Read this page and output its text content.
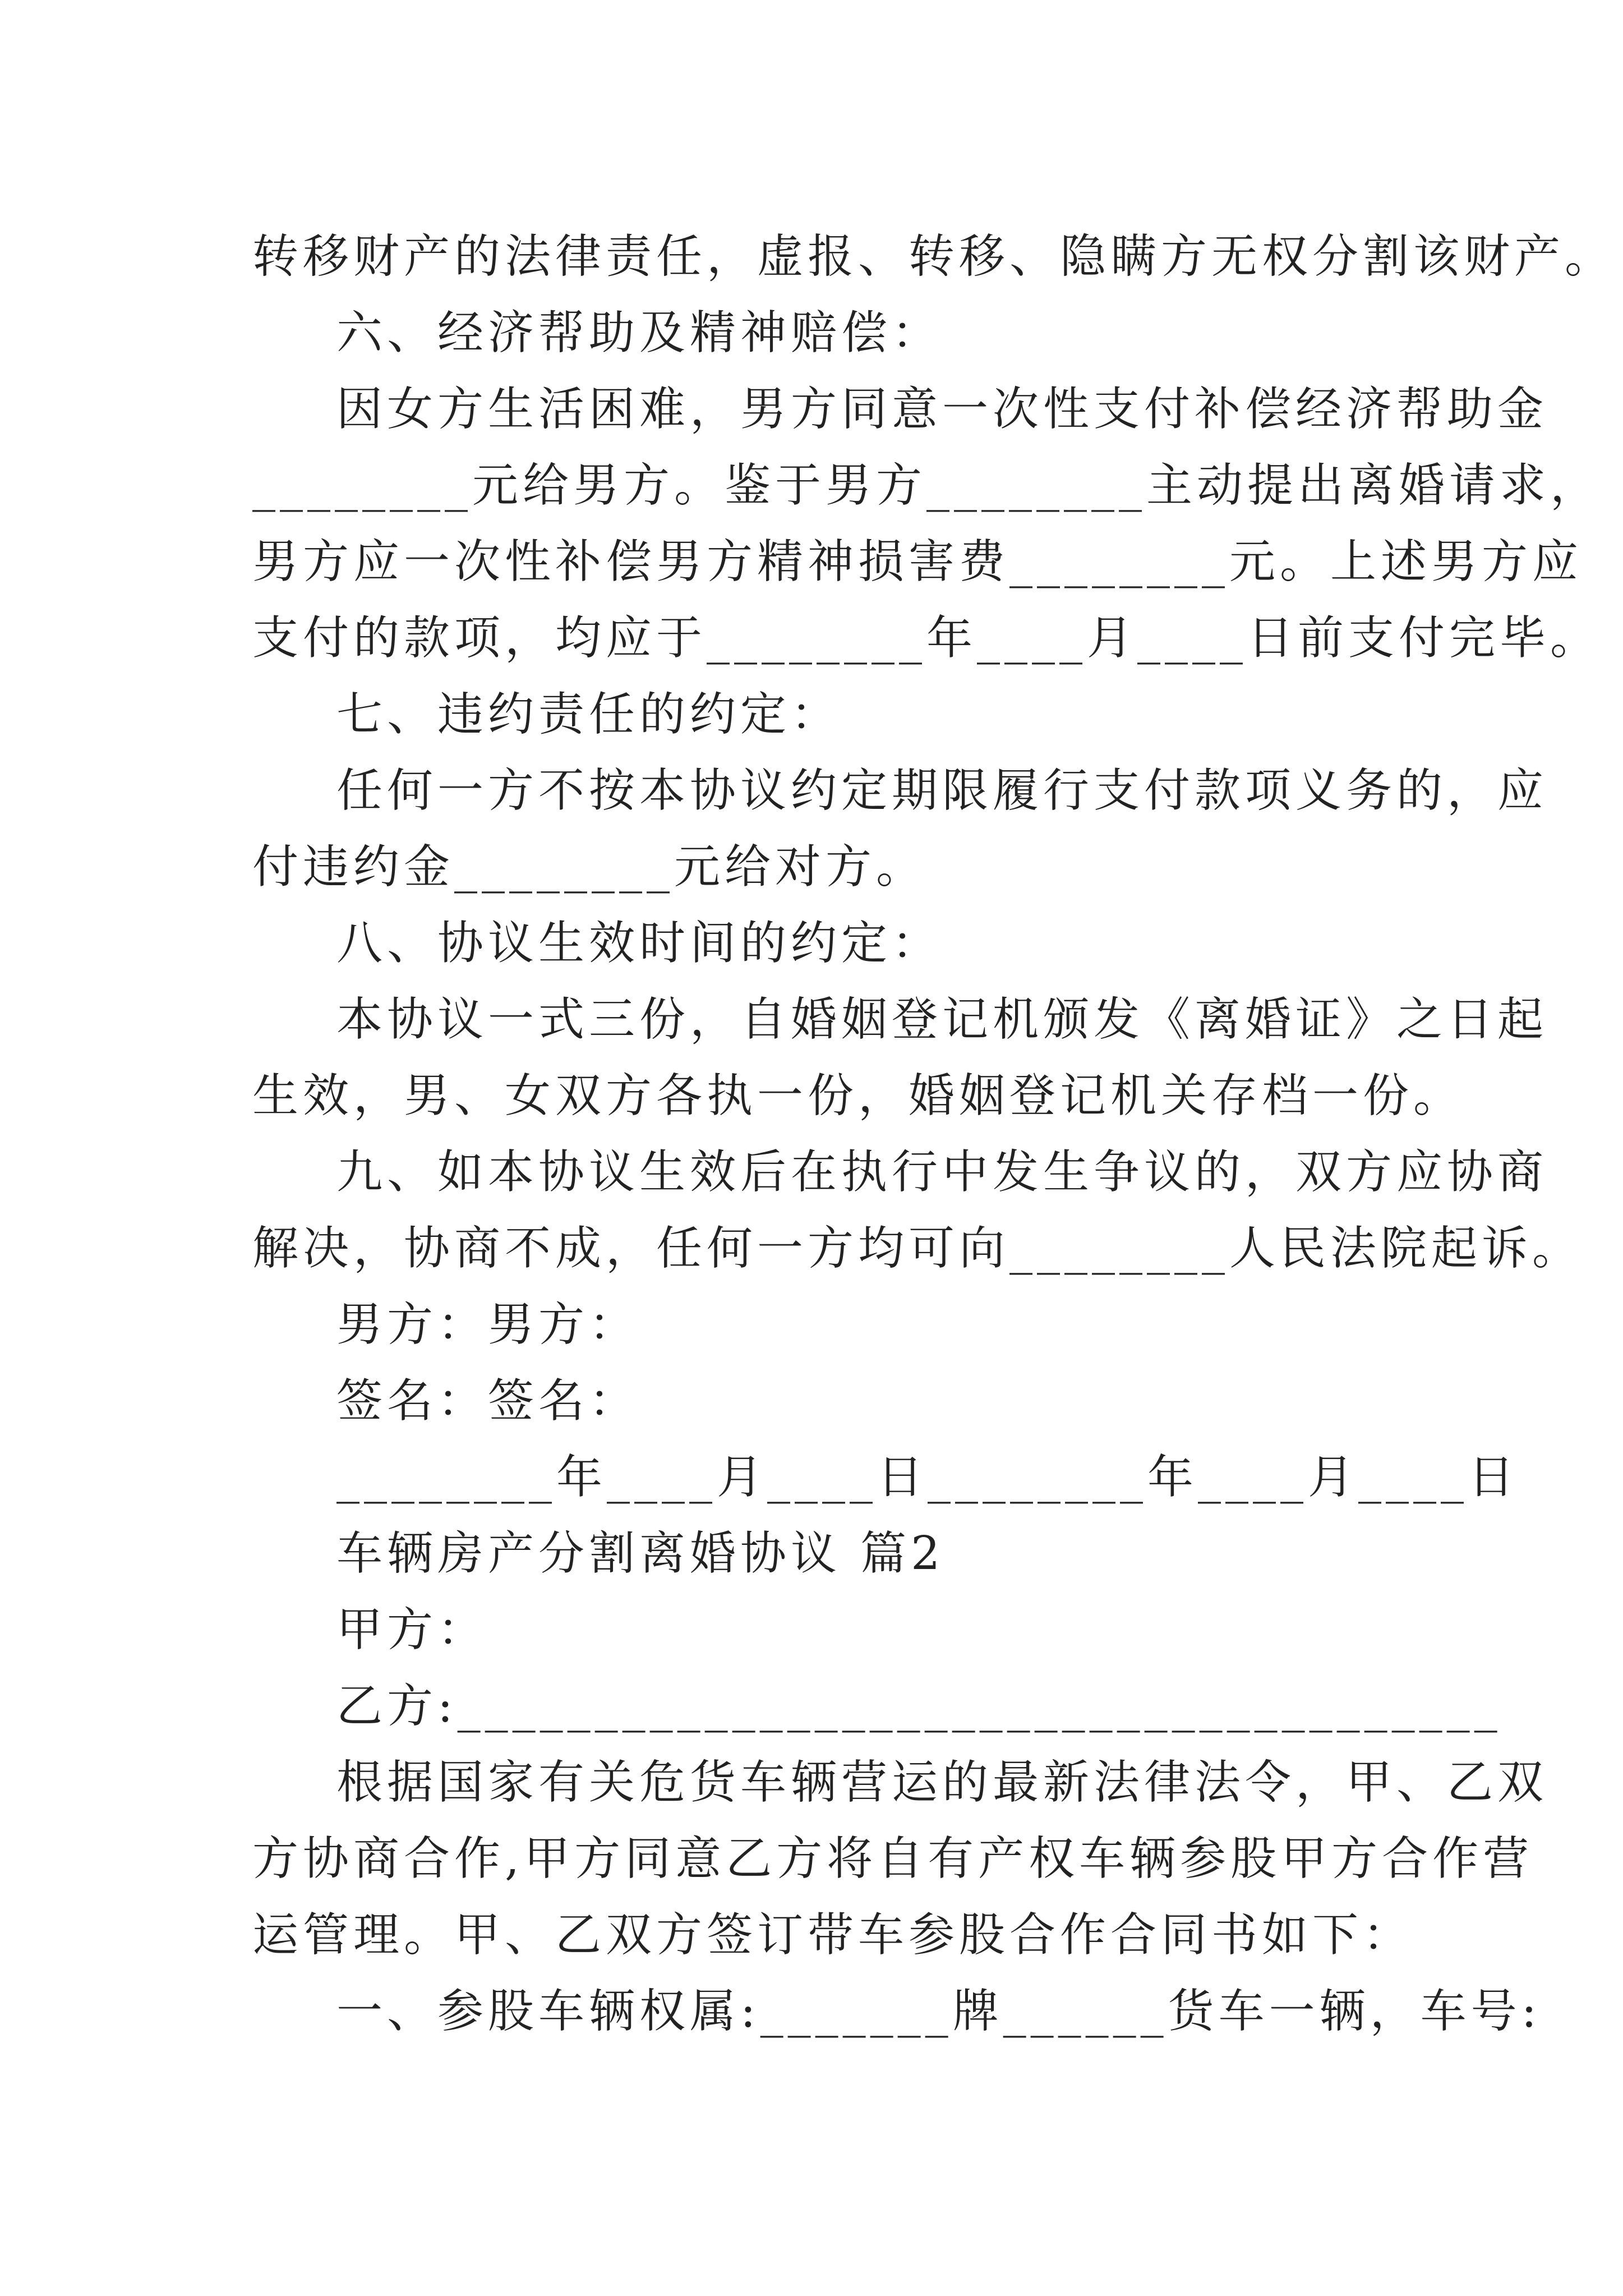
转移财产的法律责任，虚报、转移、隐瞒方无权分割该财产。
六、经济帮助及精神赔偿：
因女方生活困难，男方同意一次性支付补偿经济帮助金
________元给男方。鉴于男方________主动提出离婚请求，
男方应一次性补偿男方精神损害费________元。上述男方应
支付的款项，均应于________年____月____日前支付完毕。
七、违约责任的约定：
任何一方不按本协议约定期限履行支付款项义务的，应
付违约金________元给对方。
八、协议生效时间的约定：
本协议一式三份，自婚姻登记机颁发《离婚证》之日起
生效，男、女双方各执一份，婚姻登记机关存档一份。
九、如本协议生效后在执行中发生争议的，双方应协商
解决，协商不成，任何一方均可向________人民法院起诉。
男方：男方：
签名：签名：
________年____月____日________年____月____日
车辆房产分割离婚协议 篇2
甲方：
乙方:______________________________________
根据国家有关危货车辆营运的最新法律法令，甲、乙双
方协商合作,甲方同意乙方将自有产权车辆参股甲方合作营
运管理。甲、乙双方签订带车参股合作合同书如下：
一、参股车辆权属:_______牌______货车一辆，车号:
